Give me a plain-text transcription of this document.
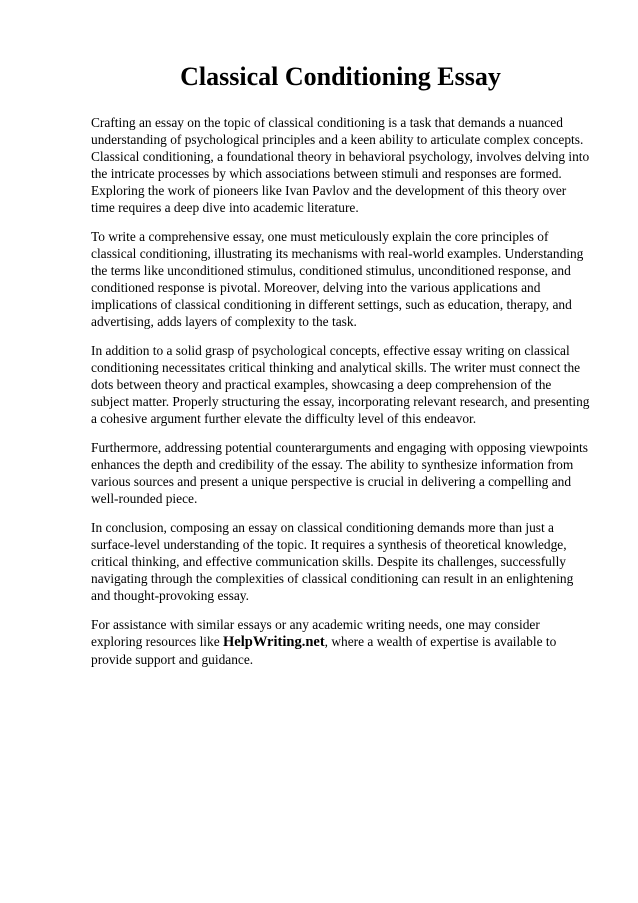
Classical Conditioning Essay

Crafting an essay on the topic of classical conditioning is a task that demands a nuanced understanding of psychological principles and a keen ability to articulate complex concepts. Classical conditioning, a foundational theory in behavioral psychology, involves delving into the intricate processes by which associations between stimuli and responses are formed. Exploring the work of pioneers like Ivan Pavlov and the development of this theory over time requires a deep dive into academic literature.

To write a comprehensive essay, one must meticulously explain the core principles of classical conditioning, illustrating its mechanisms with real-world examples. Understanding the terms like unconditioned stimulus, conditioned stimulus, unconditioned response, and conditioned response is pivotal. Moreover, delving into the various applications and implications of classical conditioning in different settings, such as education, therapy, and advertising, adds layers of complexity to the task.

In addition to a solid grasp of psychological concepts, effective essay writing on classical conditioning necessitates critical thinking and analytical skills. The writer must connect the dots between theory and practical examples, showcasing a deep comprehension of the subject matter. Properly structuring the essay, incorporating relevant research, and presenting a cohesive argument further elevate the difficulty level of this endeavor.

Furthermore, addressing potential counterarguments and engaging with opposing viewpoints enhances the depth and credibility of the essay. The ability to synthesize information from various sources and present a unique perspective is crucial in delivering a compelling and well-rounded piece.

In conclusion, composing an essay on classical conditioning demands more than just a surface-level understanding of the topic. It requires a synthesis of theoretical knowledge, critical thinking, and effective communication skills. Despite its challenges, successfully navigating through the complexities of classical conditioning can result in an enlightening and thought-provoking essay.

For assistance with similar essays or any academic writing needs, one may consider exploring resources like HelpWriting.net, where a wealth of expertise is available to provide support and guidance.
